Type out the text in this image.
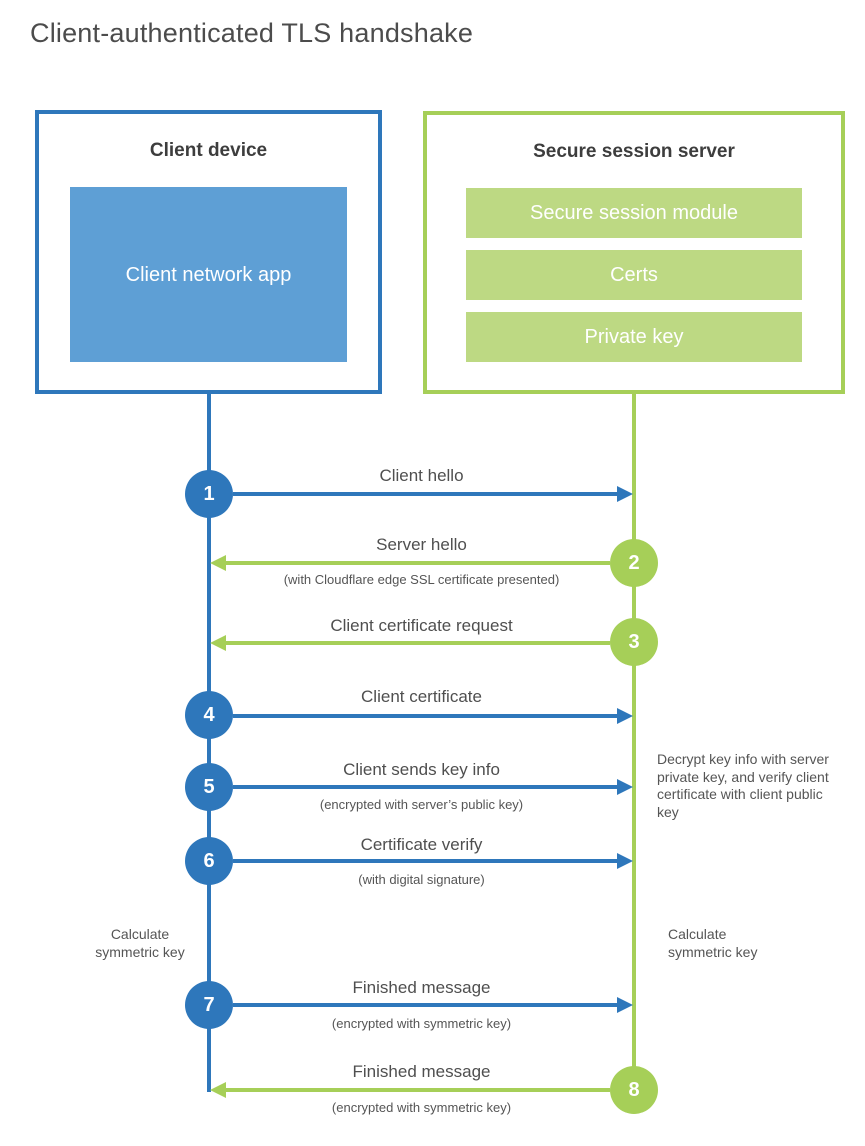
Client-authenticated TLS handshake
Client device
Client network app
Secure session server
Secure session module
Certs
Private key
Client hello
1
Server hello
(with Cloudflare edge SSL certificate presented)
2
Client certificate request
3
Client certificate
4
Client sends key info
(encrypted with server’s public key)
5
Certificate verify
(with digital signature)
6
Finished message
(encrypted with symmetric key)
7
Finished message
(encrypted with symmetric key)
8
Decrypt key info with server private key, and verify client certificate with client public key
Calculate symmetric key
Calculate symmetric key
